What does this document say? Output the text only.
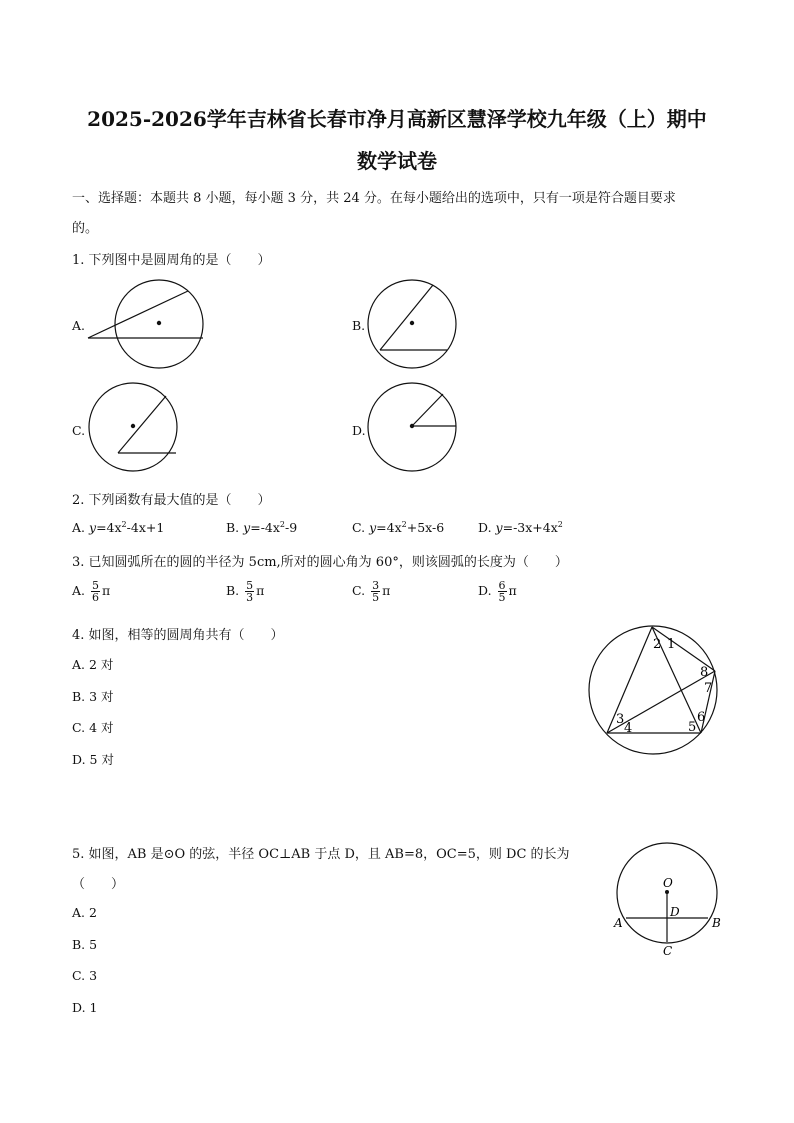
2025-2026学年吉林省长春市净月高新区慧泽学校九年级（上）期中
数学试卷
一、选择题：本题共 8 小题，每小题 3 分，共 24 分。在每小题给出的选项中，只有一项是符合题目要求
的。
1. 下列图中是圆周角的是（　　）
A.	B.
C.	D.
2. 下列函数有最大值的是（　　）
A. $y=4x^2-4x+1$	B. $y=-4x^2-9$	C. $y=4x^2+5x-6$	D. $y=-3x+4x^2$
3. 已知圆弧所在的圆的半径为 5cm,所对的圆心角为 60°，则该圆弧的长度为（　　）
A. $\frac{5}{6}$ π	B. $\frac{5}{3}$ π	C. $\frac{3}{5}$ π	D. $\frac{6}{5}$ π
4. 如图，相等的圆周角共有（　　）
A. 2 对
B. 3 对
C. 4 对
D. 5 对
1
2
3
4	5
6
7
8
5. 如图，AB 是⊙O 的弦，半径 OC⊥AB 于点 D，且 AB=8，OC=5，则 DC 的长为
（　　）
A. 2
B. 5
C. 3
D. 1
O
D
A	B
C
